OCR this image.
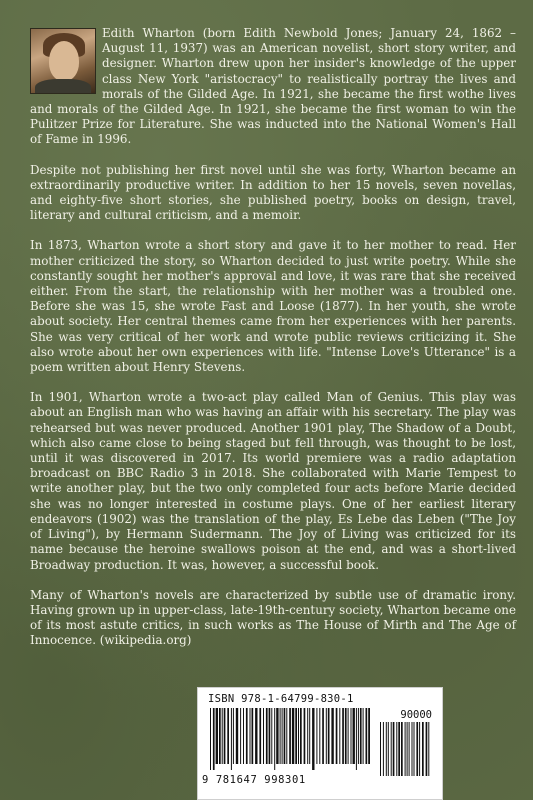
Edith Wharton (born Edith Newbold Jones; January 24, 1862 – August 11, 1937) was an American novelist, short story writer, and designer. Wharton drew upon her insider's knowledge of the upper class New York "aristocracy" to realistically portray the lives and morals of the Gilded Age. In 1921, she became the first wothe lives and morals of the Gilded Age. In 1921, she became the first woman to win the Pulitzer Prize for Literature. She was inducted into the National Women's Hall of Fame in 1996.

Despite not publishing her first novel until she was forty, Wharton became an extraordinarily productive writer. In addition to her 15 novels, seven novellas, and eighty-five short stories, she published poetry, books on design, travel, literary and cultural criticism, and a memoir.

In 1873, Wharton wrote a short story and gave it to her mother to read. Her mother criticized the story, so Wharton decided to just write poetry. While she constantly sought her mother's approval and love, it was rare that she received either. From the start, the relationship with her mother was a troubled one. Before she was 15, she wrote Fast and Loose (1877). In her youth, she wrote about society. Her central themes came from her experiences with her parents. She was very critical of her work and wrote public reviews criticizing it. She also wrote about her own experiences with life. "Intense Love's Utterance" is a poem written about Henry Stevens.

In 1901, Wharton wrote a two-act play called Man of Genius. This play was about an English man who was having an affair with his secretary. The play was rehearsed but was never produced. Another 1901 play, The Shadow of a Doubt, which also came close to being staged but fell through, was thought to be lost, until it was discovered in 2017. Its world premiere was a radio adaptation broadcast on BBC Radio 3 in 2018. She collaborated with Marie Tempest to write another play, but the two only completed four acts before Marie decided she was no longer interested in costume plays. One of her earliest literary endeavors (1902) was the translation of the play, Es Lebe das Leben ("The Joy of Living"), by Hermann Sudermann. The Joy of Living was criticized for its name because the heroine swallows poison at the end, and was a short-lived Broadway production. It was, however, a successful book.

Many of Wharton's novels are characterized by subtle use of dramatic irony. Having grown up in upper-class, late-19th-century society, Wharton became one of its most astute critics, in such works as The House of Mirth and The Age of Innocence. (wikipedia.org)

ISBN 978-1-64799-830-1
90000
9 781647 998301
